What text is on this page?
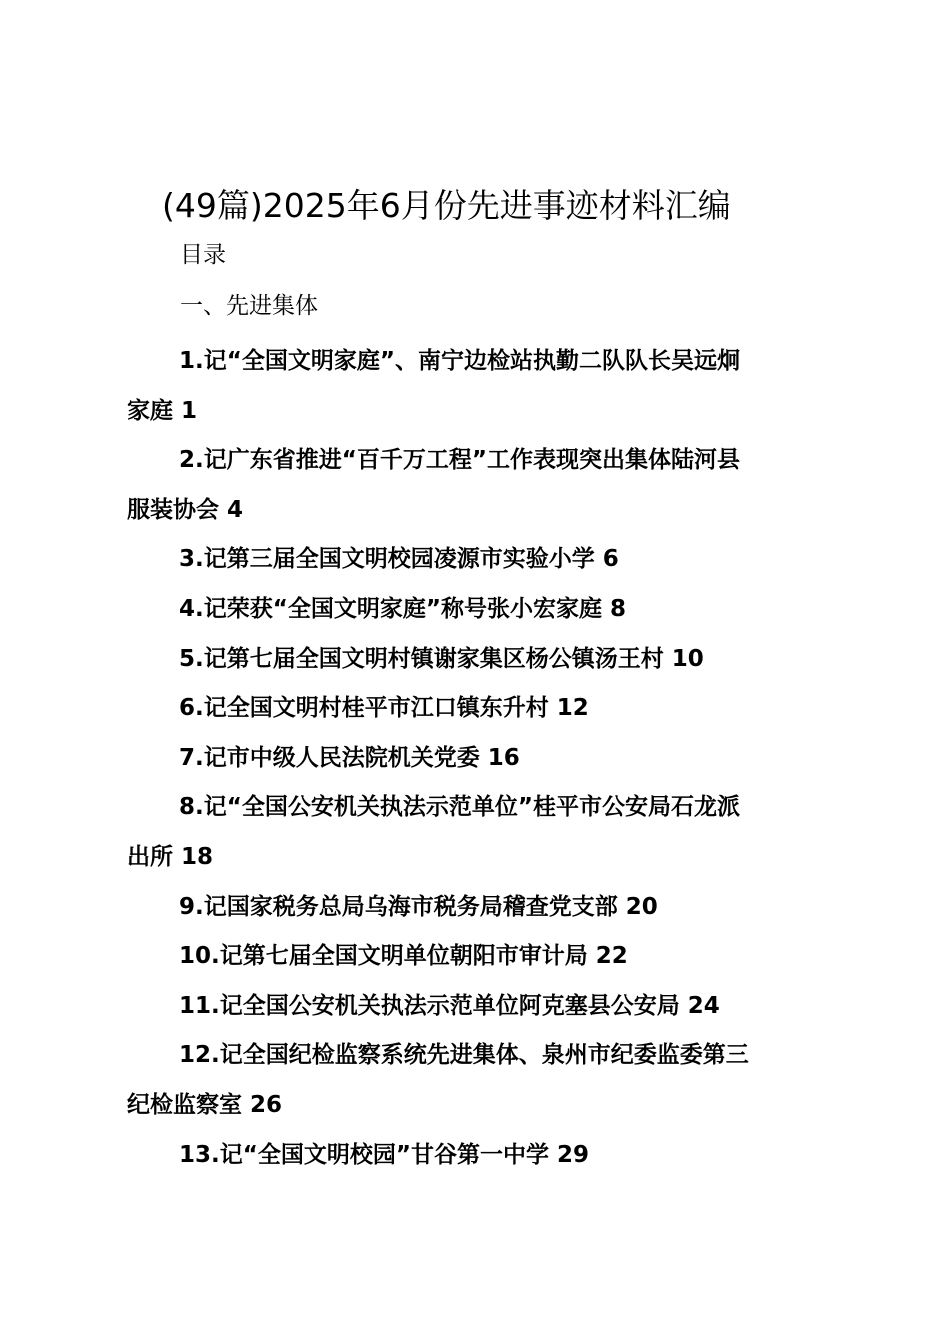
(49篇)2025年6月份先进事迹材料汇编
目录
一、先进集体
1.记“全国文明家庭”、南宁边检站执勤二队队长吴远炯
家庭 1
2.记广东省推进“百千万工程”工作表现突出集体陆河县
服装协会 4
3.记第三届全国文明校园凌源市实验小学 6
4.记荣获“全国文明家庭”称号张小宏家庭 8
5.记第七届全国文明村镇谢家集区杨公镇汤王村 10
6.记全国文明村桂平市江口镇东升村 12
7.记市中级人民法院机关党委 16
8.记“全国公安机关执法示范单位”桂平市公安局石龙派
出所 18
9.记国家税务总局乌海市税务局稽查党支部 20
10.记第七届全国文明单位朝阳市审计局 22
11.记全国公安机关执法示范单位阿克塞县公安局 24
12.记全国纪检监察系统先进集体、泉州市纪委监委第三
纪检监察室 26
13.记“全国文明校园”甘谷第一中学 29
